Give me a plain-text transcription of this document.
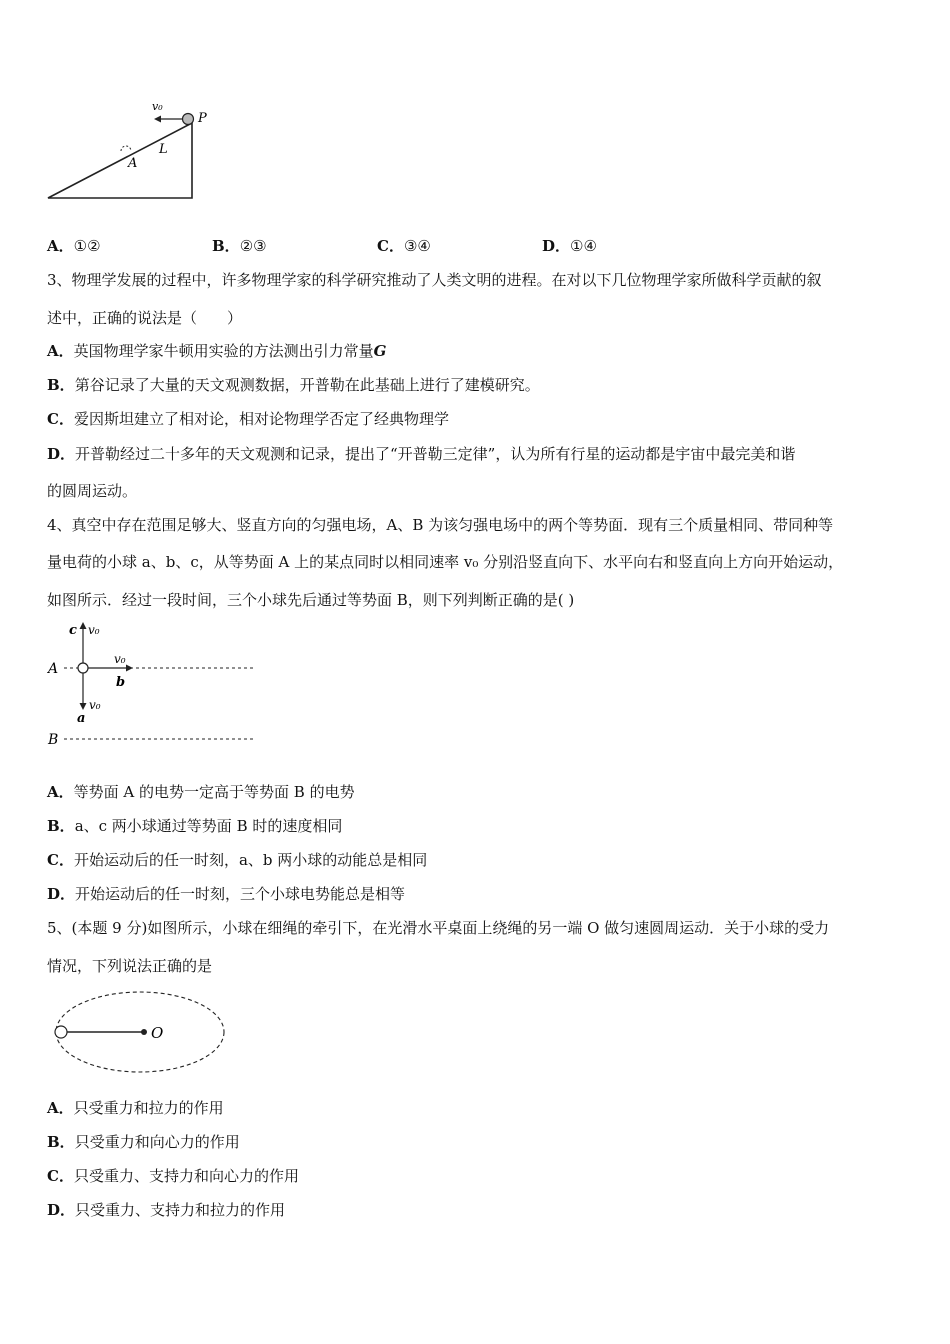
v₀
P
A
L
A．①②	B．②③	C．③④	D．①④
3、物理学发展的过程中，许多物理学家的科学研究推动了人类文明的进程。在对以下几位物理学家所做科学贡献的叙
述中，正确的说法是（　　）
A．英国物理学家牛顿用实验的方法测出引力常量G
B．第谷记录了大量的天文观测数据，开普勒在此基础上进行了建模研究。
C．爱因斯坦建立了相对论，相对论物理学否定了经典物理学
D．开普勒经过二十多年的天文观测和记录，提出了“开普勒三定律”，认为所有行星的运动都是宇宙中最完美和谐
的圆周运动。
4、真空中存在范围足够大、竖直方向的匀强电场，A、B 为该匀强电场中的两个等势面．现有三个质量相同、带同种等
量电荷的小球 a、b、c，从等势面 A 上的某点同时以相同速率 v₀ 分别沿竖直向下、水平向右和竖直向上方向开始运动，
如图所示．经过一段时间，三个小球先后通过等势面 B，则下列判断正确的是( )
A
B
c v₀
v₀
b
v₀
a
A．等势面 A 的电势一定高于等势面 B 的电势
B．a、c 两小球通过等势面 B 时的速度相同
C．开始运动后的任一时刻，a、b 两小球的动能总是相同
D．开始运动后的任一时刻，三个小球电势能总是相等
5、(本题 9 分)如图所示，小球在细绳的牵引下，在光滑水平桌面上绕绳的另一端 O 做匀速圆周运动．关于小球的受力
情况，下列说法正确的是
O
A．只受重力和拉力的作用
B．只受重力和向心力的作用
C．只受重力、支持力和向心力的作用
D．只受重力、支持力和拉力的作用
